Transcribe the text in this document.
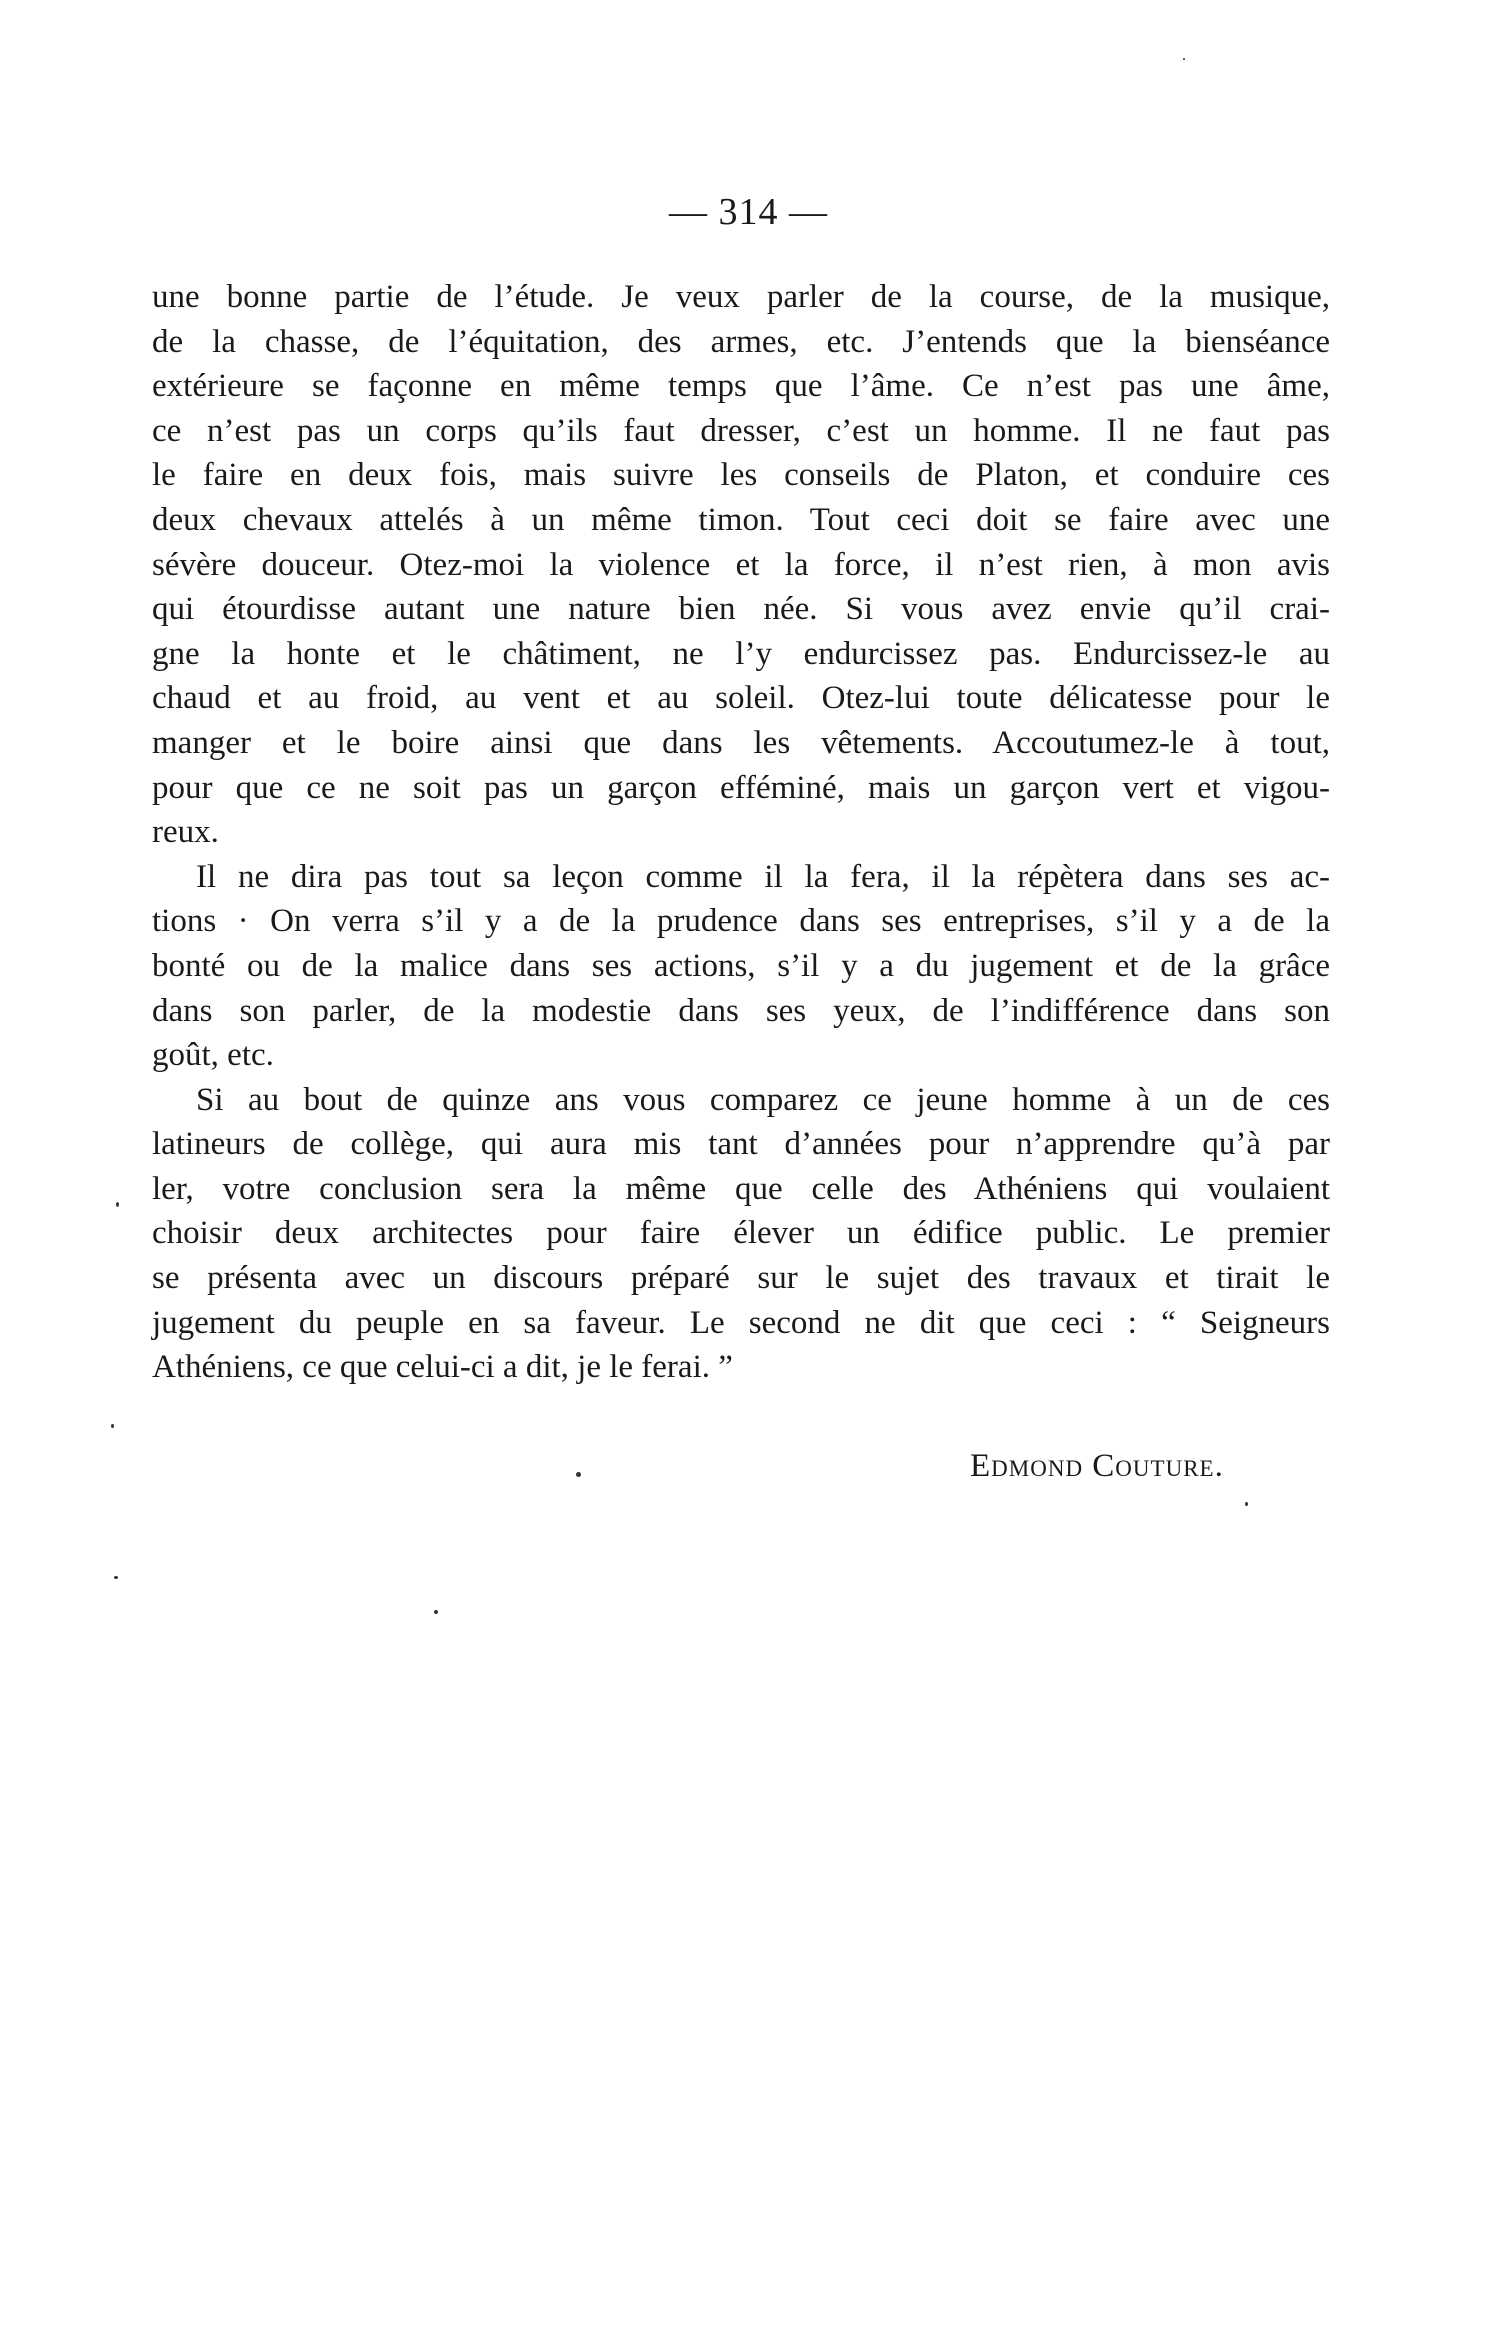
— 314 —
une bonne partie de l’étude. Je veux parler de la course, de la musique,
de la chasse, de l’équitation, des armes, etc. J’entends que la bienséance
extérieure se façonne en même temps que l’âme. Ce n’est pas une âme,
ce n’est pas un corps qu’ils faut dresser, c’est un homme. Il ne faut pas
le faire en deux fois, mais suivre les conseils de Platon, et conduire ces
deux chevaux attelés à un même timon. Tout ceci doit se faire avec une
sévère douceur. Otez-moi la violence et la force, il n’est rien, à mon avis
qui étourdisse autant une nature bien née. Si vous avez envie qu’il crai-
gne la honte et le châtiment, ne l’y endurcissez pas. Endurcissez-le au
chaud et au froid, au vent et au soleil. Otez-lui toute délicatesse pour le
manger et le boire ainsi que dans les vêtements. Accoutumez-le à tout,
pour que ce ne soit pas un garçon efféminé, mais un garçon vert et vigou-
reux.
Il ne dira pas tout sa leçon comme il la fera, il la répètera dans ses ac-
tions · On verra s’il y a de la prudence dans ses entreprises, s’il y a de la
bonté ou de la malice dans ses actions, s’il y a du jugement et de la grâce
dans son parler, de la modestie dans ses yeux, de l’indifférence dans son
goût, etc.
Si au bout de quinze ans vous comparez ce jeune homme à un de ces
latineurs de collège, qui aura mis tant d’années pour n’apprendre qu’à par
ler, votre conclusion sera la même que celle des Athéniens qui voulaient
choisir deux architectes pour faire élever un édifice public. Le premier
se présenta avec un discours préparé sur le sujet des travaux et tirait le
jugement du peuple en sa faveur. Le second ne dit que ceci : “ Seigneurs
Athéniens, ce que celui-ci a dit, je le ferai. ”
Edmond Couture.
